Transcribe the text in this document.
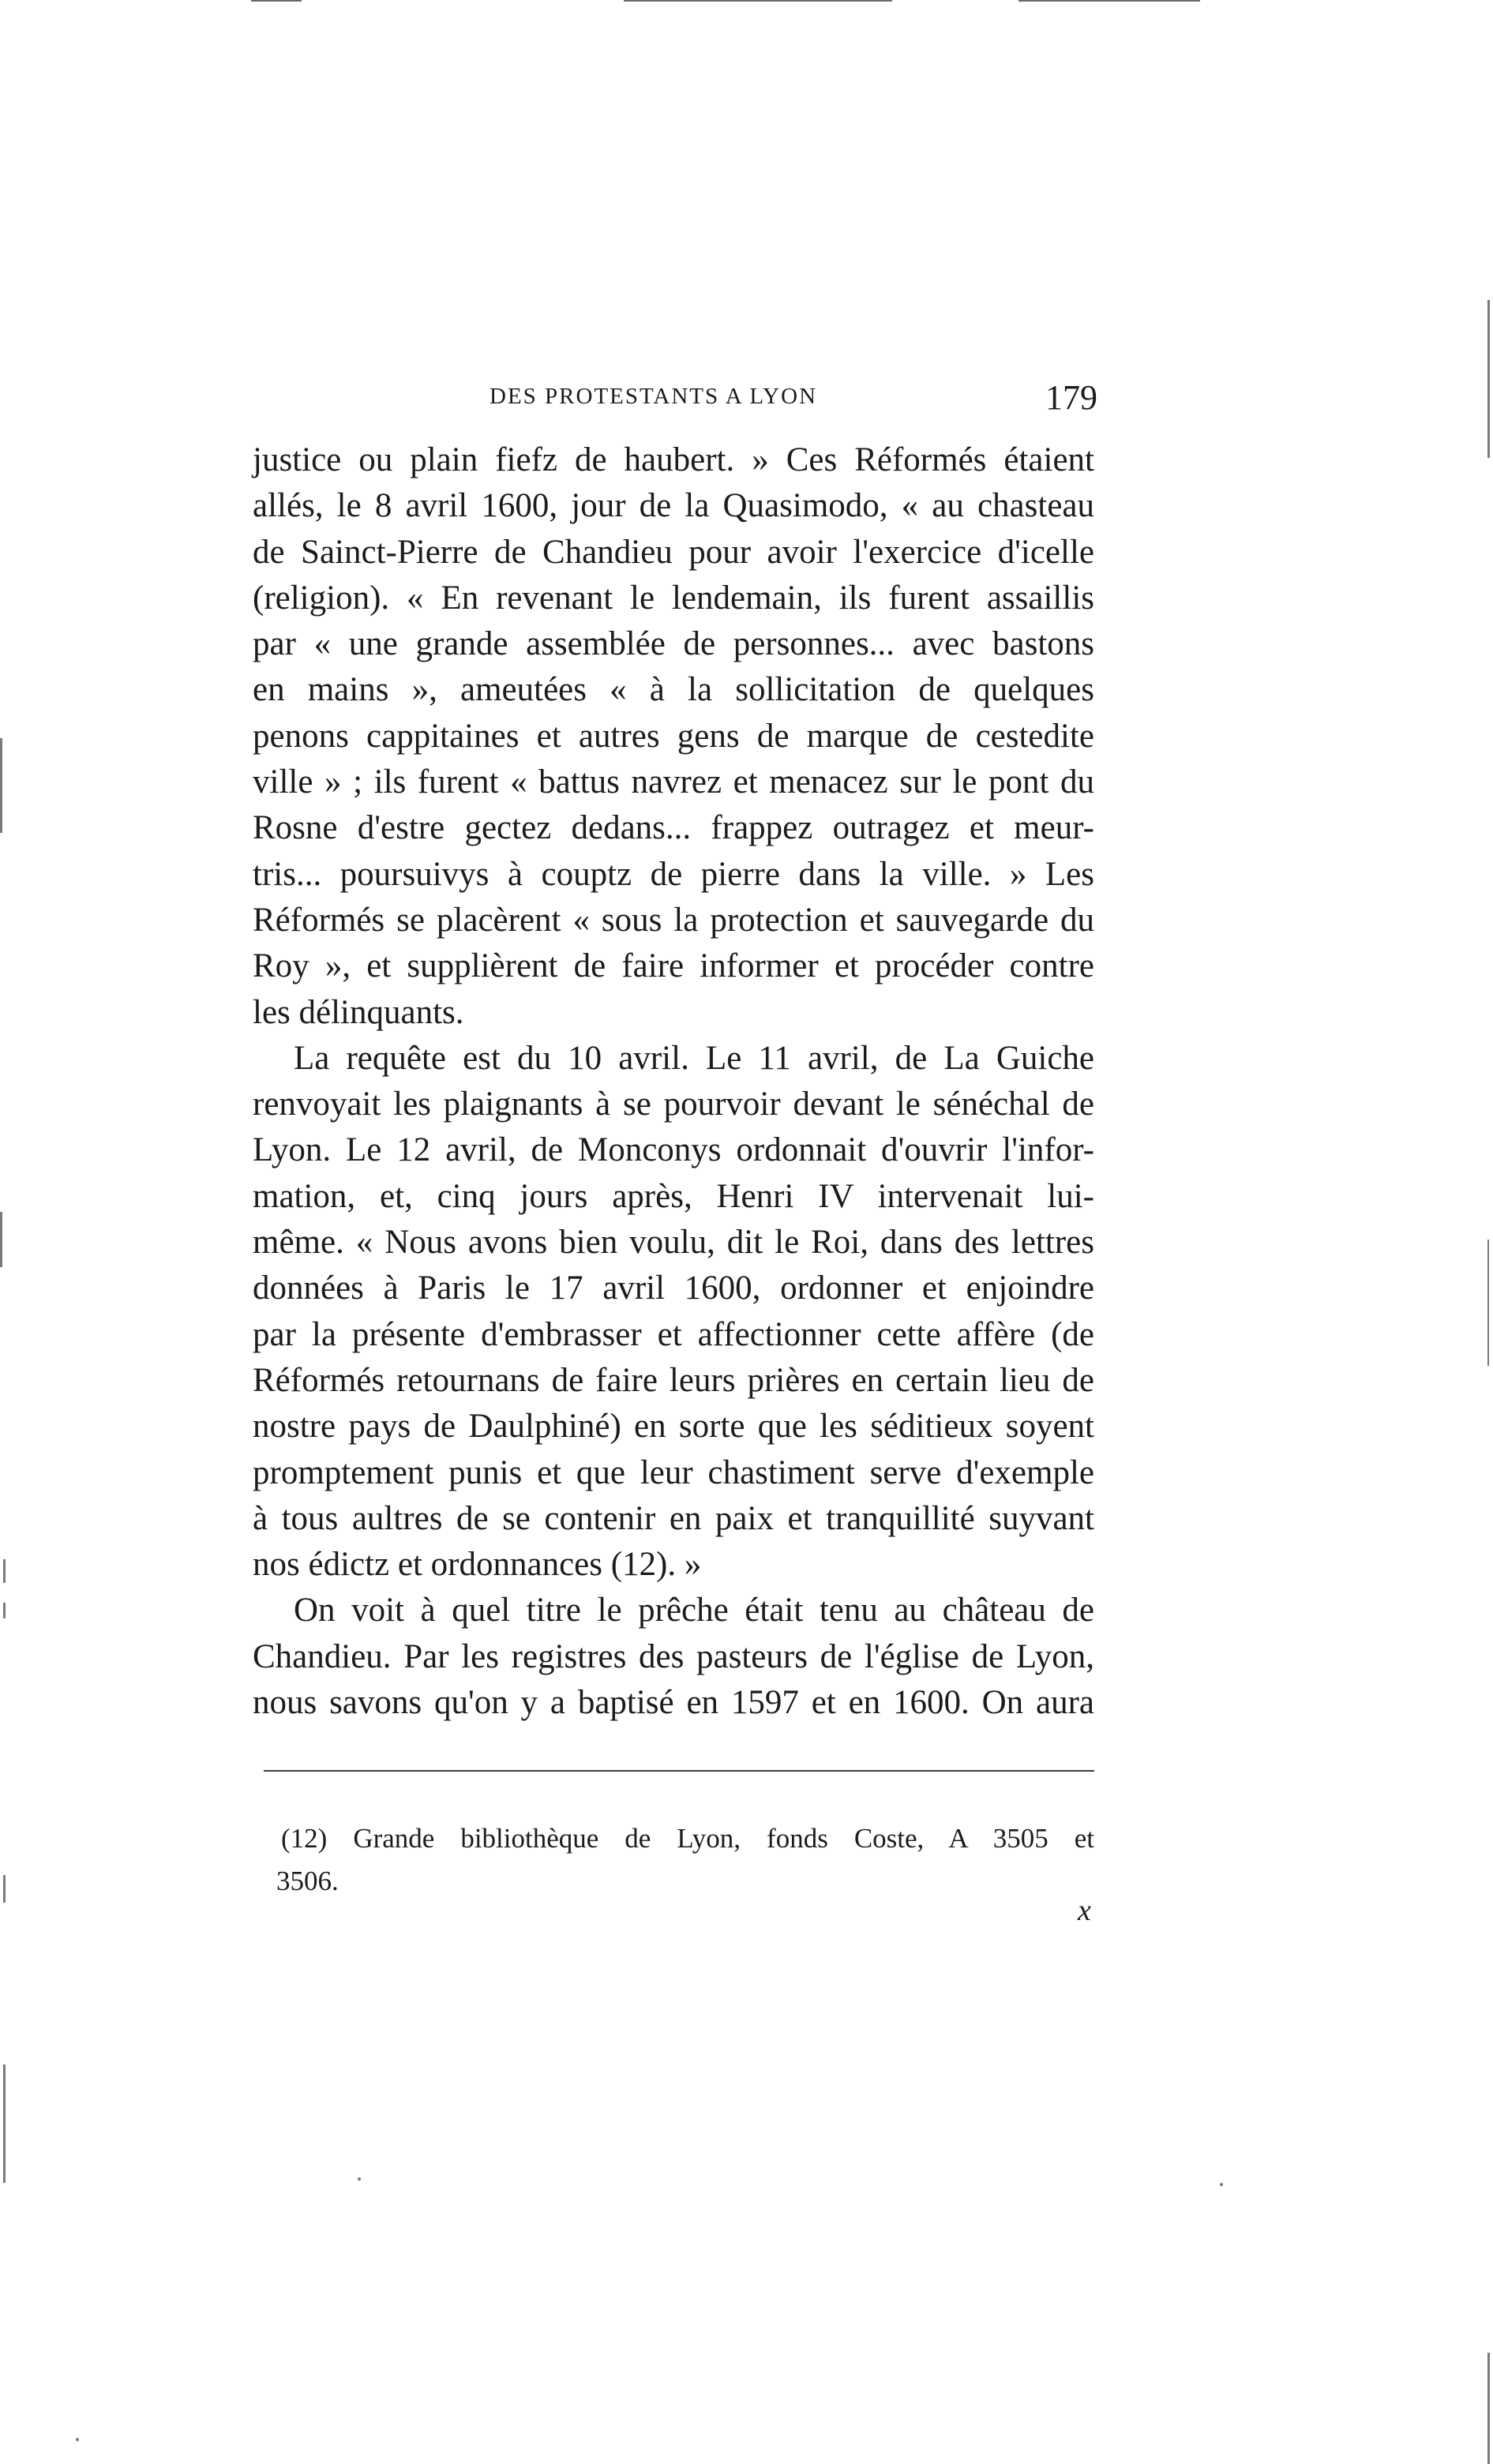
DES PROTESTANTS A LYON	179
justice ou plain fiefz de haubert. » Ces Réformés étaient
allés, le 8 avril 1600, jour de la Quasimodo, « au chasteau
de Sainct-Pierre de Chandieu pour avoir l'exercice d'icelle
(religion). « En revenant le lendemain, ils furent assaillis
par « une grande assemblée de personnes... avec bastons
en mains », ameutées « à la sollicitation de quelques
penons cappitaines et autres gens de marque de cestedite
ville » ; ils furent « battus navrez et menacez sur le pont du
Rosne d'estre gectez dedans... frappez outragez et meur-
tris... poursuivys à couptz de pierre dans la ville. » Les
Réformés se placèrent « sous la protection et sauvegarde du
Roy », et supplièrent de faire informer et procéder contre
les délinquants.
La requête est du 10 avril. Le 11 avril, de La Guiche
renvoyait les plaignants à se pourvoir devant le sénéchal de
Lyon. Le 12 avril, de Monconys ordonnait d'ouvrir l'infor-
mation, et, cinq jours après, Henri IV intervenait lui-
même. « Nous avons bien voulu, dit le Roi, dans des lettres
données à Paris le 17 avril 1600, ordonner et enjoindre
par la présente d'embrasser et affectionner cette affère (de
Réformés retournans de faire leurs prières en certain lieu de
nostre pays de Daulphiné) en sorte que les séditieux soyent
promptement punis et que leur chastiment serve d'exemple
à tous aultres de se contenir en paix et tranquillité suyvant
nos édictz et ordonnances (12). »
On voit à quel titre le prêche était tenu au château de
Chandieu. Par les registres des pasteurs de l'église de Lyon,
nous savons qu'on y a baptisé en 1597 et en 1600. On aura
(12) Grande bibliothèque de Lyon, fonds Coste, A 3505 et
3506.
x
